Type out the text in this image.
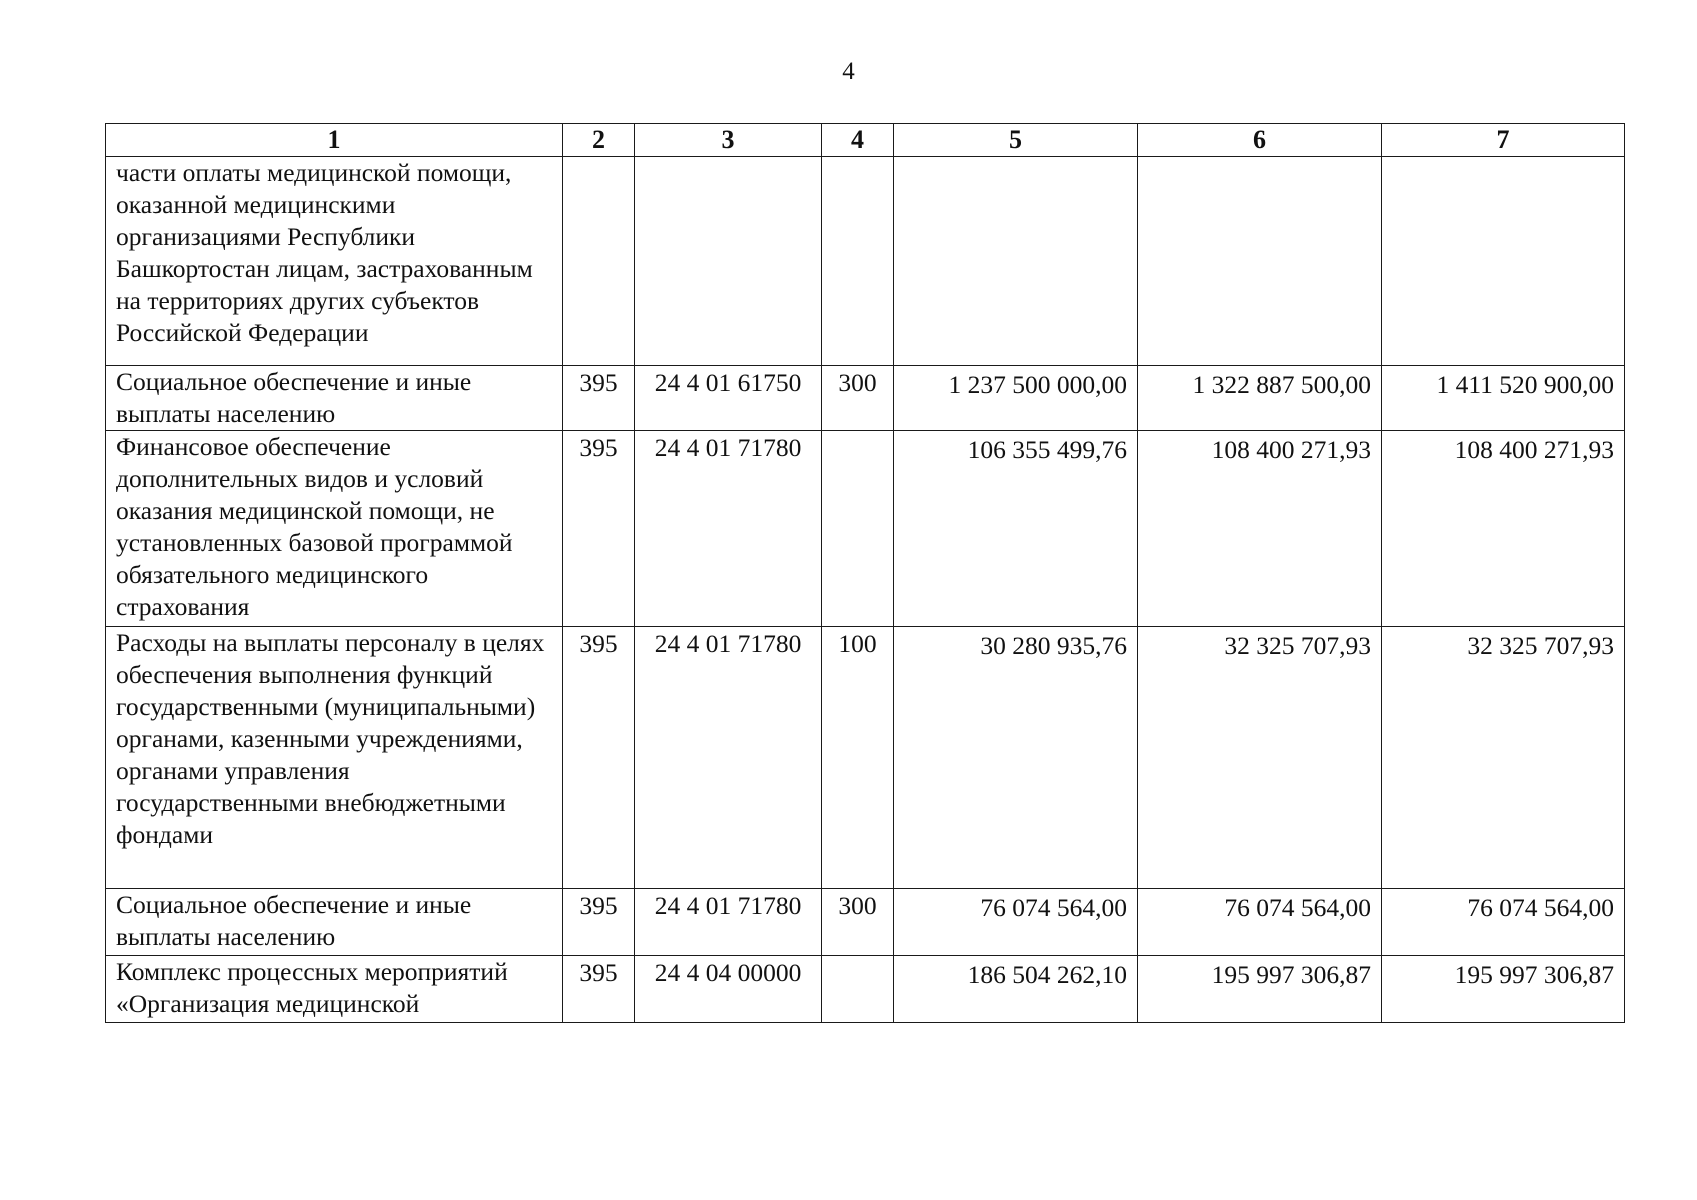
4
1	2	3	4	5	6	7
части оплаты медицинской помощи, оказанной медицинскими организациями Республики Башкортостан лицам, застрахованным на территориях других субъектов Российской Федерации						
Социальное обеспечение и иные выплаты населению	395	24 4 01 61750	300	1 237 500 000,00	1 322 887 500,00	1 411 520 900,00
Финансовое обеспечение дополнительных видов и условий оказания медицинской помощи, не установленных базовой программой обязательного медицинского страхования	395	24 4 01 71780		106 355 499,76	108 400 271,93	108 400 271,93
Расходы на выплаты персоналу в целях обеспечения выполнения функций государственными (муниципальными) органами, казенными учреждениями, органами управления государственными внебюджетными фондами	395	24 4 01 71780	100	30 280 935,76	32 325 707,93	32 325 707,93
Социальное обеспечение и иные выплаты населению	395	24 4 01 71780	300	76 074 564,00	76 074 564,00	76 074 564,00
Комплекс процессных мероприятий «Организация медицинской	395	24 4 04 00000		186 504 262,10	195 997 306,87	195 997 306,87
